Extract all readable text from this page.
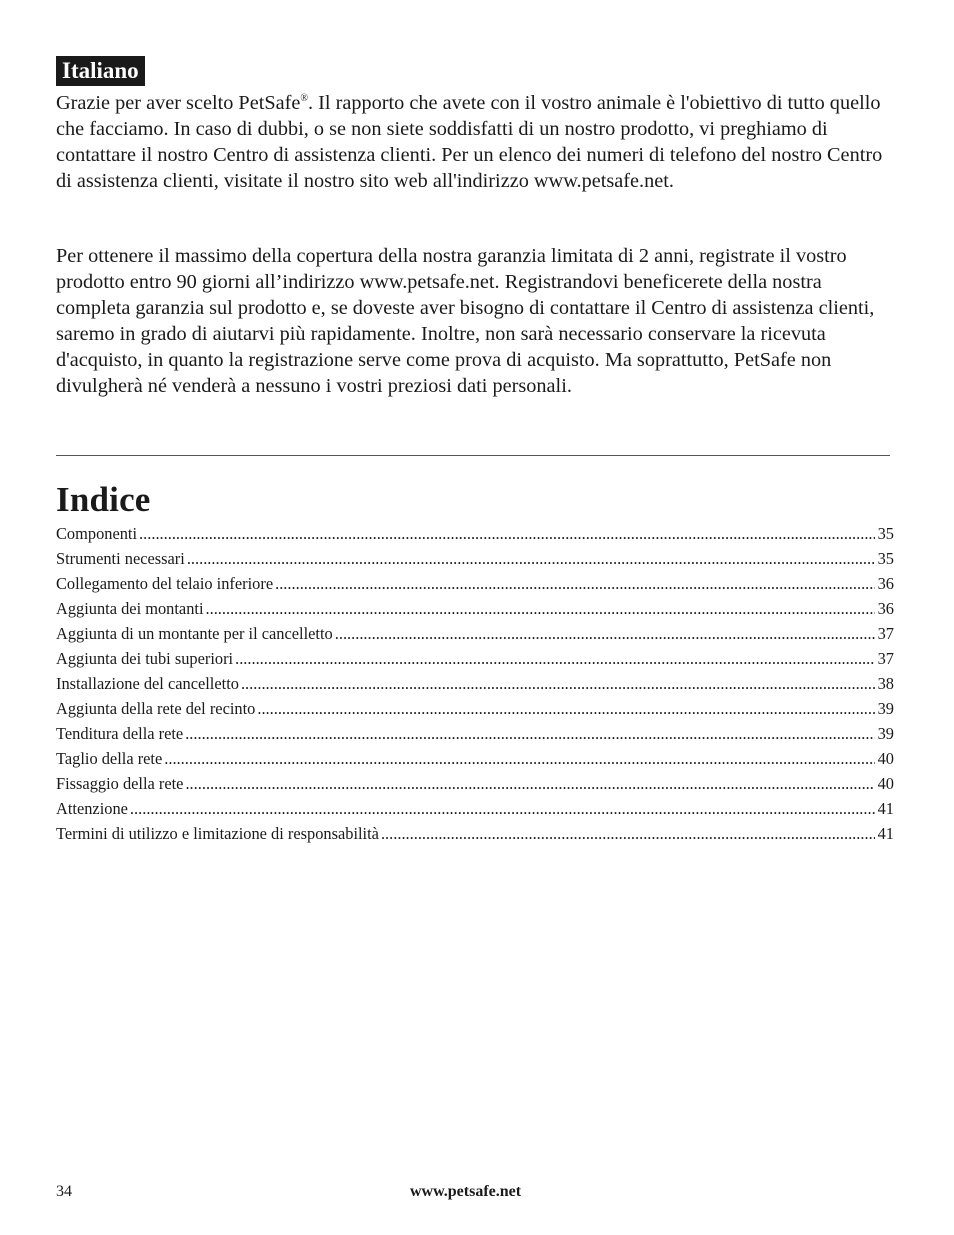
Italiano

Grazie per aver scelto PetSafe®. Il rapporto che avete con il vostro animale è l'obiettivo di tutto quello che facciamo. In caso di dubbi, o se non siete soddisfatti di un nostro prodotto, vi preghiamo di contattare il nostro Centro di assistenza clienti. Per un elenco dei numeri di telefono del nostro Centro di assistenza clienti, visitate il nostro sito web all'indirizzo www.petsafe.net.

Per ottenere il massimo della copertura della nostra garanzia limitata di 2 anni, registrate il vostro prodotto entro 90 giorni all’indirizzo www.petsafe.net. Registrandovi beneficerete della nostra completa garanzia sul prodotto e, se doveste aver bisogno di contattare il Centro di assistenza clienti, saremo in grado di aiutarvi più rapidamente. Inoltre, non sarà necessario conservare la ricevuta d'acquisto, in quanto la registrazione serve come prova di acquisto. Ma soprattutto, PetSafe non divulgherà né venderà a nessuno i vostri preziosi dati personali.

Indice
Componenti .....	35
Strumenti necessari .....	35
Collegamento del telaio inferiore .....	36
Aggiunta dei montanti .....	36
Aggiunta di un montante per il cancelletto .....	37
Aggiunta dei tubi superiori .....	37
Installazione del cancelletto .....	38
Aggiunta della rete del recinto .....	39
Tenditura della rete .....	39
Taglio della rete .....	40
Fissaggio della rete .....	40
Attenzione .....	41
Termini di utilizzo e limitazione di responsabilità .....	41
34	www.petsafe.net
